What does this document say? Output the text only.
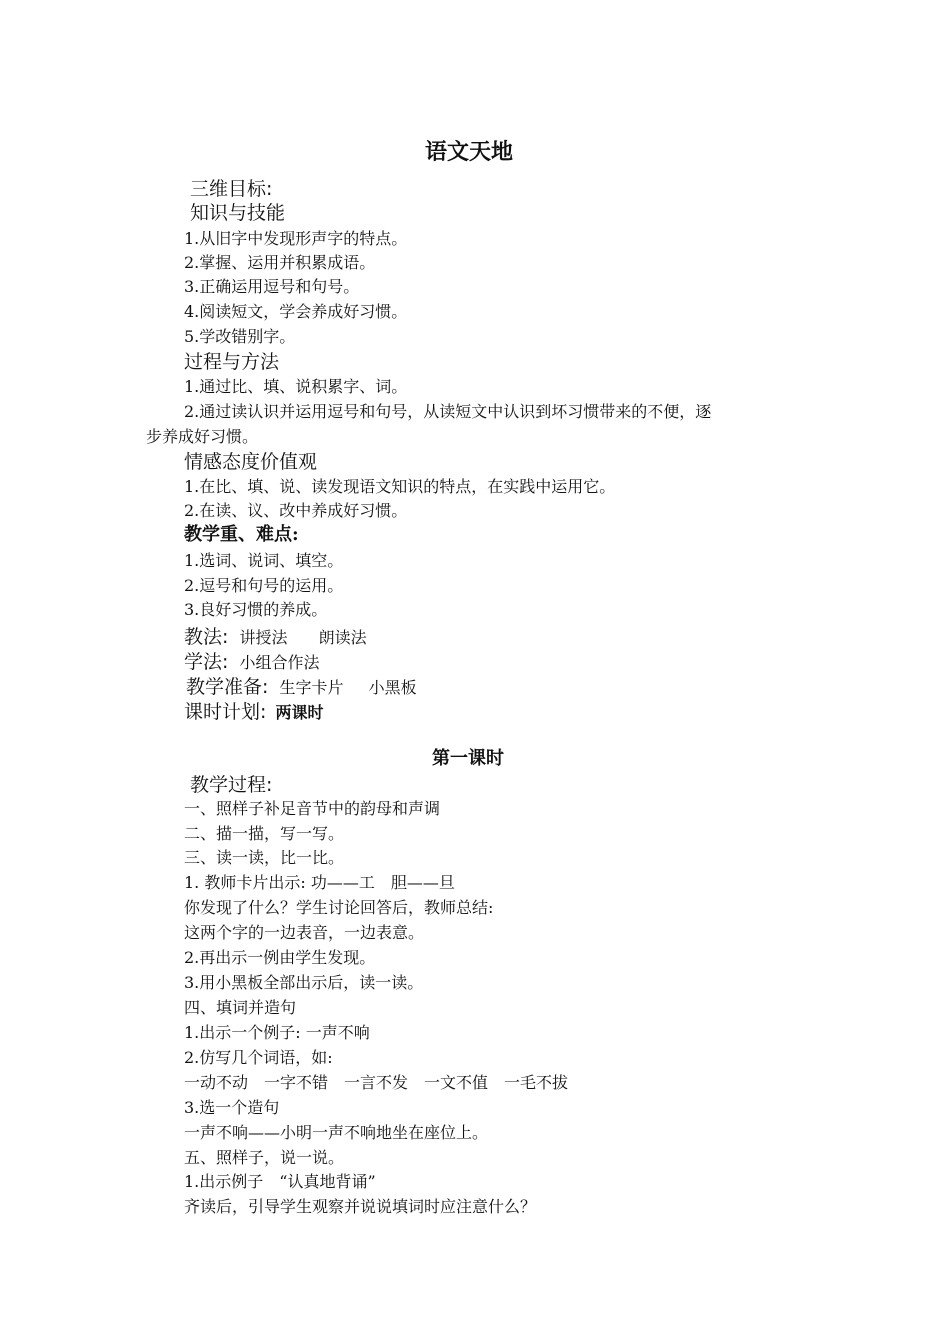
语文天地
三维目标:
知识与技能
1.从旧字中发现形声字的特点。
2.掌握、运用并积累成语。
3.正确运用逗号和句号。
4.阅读短文，学会养成好习惯。
5.学改错别字。
过程与方法
1.通过比、填、说积累字、词。
2.通过读认识并运用逗号和句号，从读短文中认识到坏习惯带来的不便，逐
步养成好习惯。
情感态度价值观
1.在比、填、说、读发现语文知识的特点，在实践中运用它。
2.在读、议、改中养成好习惯。
教学重、难点:
1.选词、说词、填空。
2.逗号和句号的运用。
3.良好习惯的养成。
教法: 讲授法 朗读法
学法: 小组合作法
教学准备: 生字卡片 小黑板
课时计划: 两课时
第一课时
教学过程:
一、照样子补足音节中的韵母和声调
二、描一描，写一写。
三、读一读，比一比。
1. 教师卡片出示: 功——工　胆——旦
你发现了什么？学生讨论回答后，教师总结:
这两个字的一边表音，一边表意。
2.再出示一例由学生发现。
3.用小黑板全部出示后，读一读。
四、填词并造句
1.出示一个例子: 一声不响
2.仿写几个词语，如:
一动不动　一字不错　一言不发　一文不值　一毛不拔
3.选一个造句
一声不响——小明一声不响地坐在座位上。
五、照样子，说一说。
1.出示例子　“认真地背诵”
齐读后，引导学生观察并说说填词时应注意什么？
